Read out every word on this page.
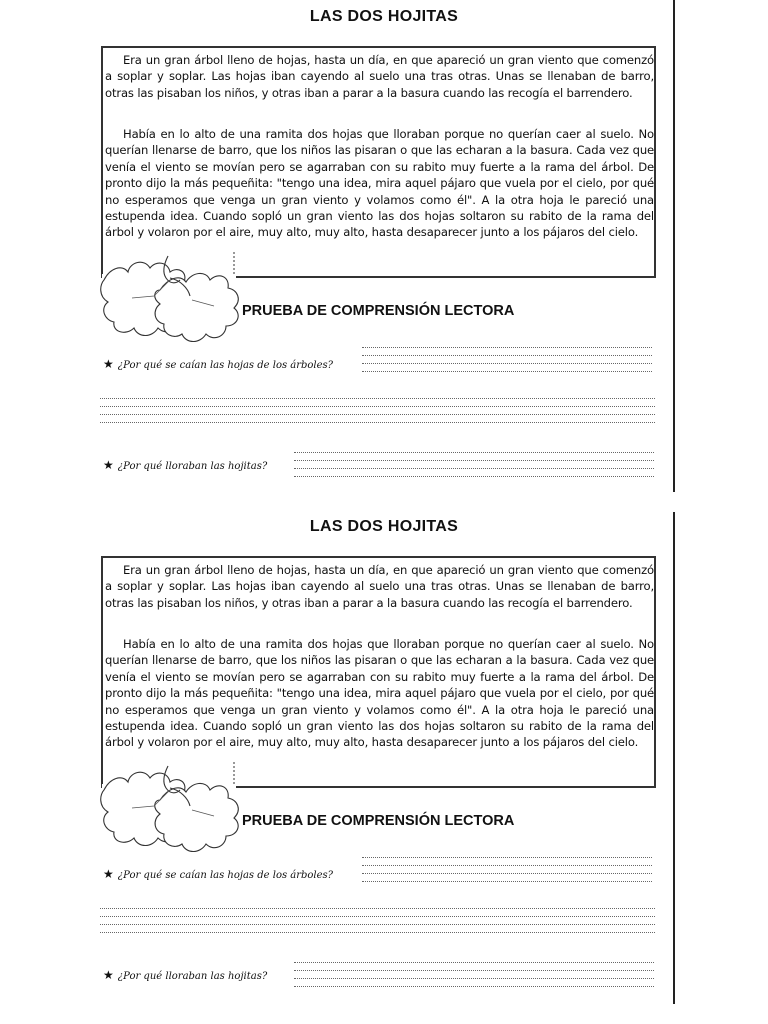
LAS DOS HOJITAS

Era un gran árbol lleno de hojas, hasta un día, en que apareció un gran viento que comenzó a soplar y soplar. Las hojas iban cayendo al suelo una tras otras. Unas se llenaban de barro, otras las pisaban los niños, y otras iban a parar a la basura cuando las recogía el barrendero.

Había en lo alto de una ramita dos hojas que lloraban porque no querían caer al suelo. No querían llenarse de barro, que los niños las pisaran o que las echaran a la basura. Cada vez que venía el viento se movían pero se agarraban con su rabito muy fuerte a la rama del árbol. De pronto dijo la más pequeñita: "tengo una idea, mira aquel pájaro que vuela por el cielo, por qué no esperamos que venga un gran viento y volamos como él". A la otra hoja le pareció una estupenda idea. Cuando sopló un gran viento las dos hojas soltaron su rabito de la rama del árbol y volaron por el aire, muy alto, muy alto, hasta desaparecer junto a los pájaros del cielo.

PRUEBA DE COMPRENSIÓN LECTORA
★ ¿Por qué se caían las hojas de los árboles?
★ ¿Por qué lloraban las hojitas?
LAS DOS HOJITAS

Era un gran árbol lleno de hojas, hasta un día, en que apareció un gran viento que comenzó a soplar y soplar. Las hojas iban cayendo al suelo una tras otras. Unas se llenaban de barro, otras las pisaban los niños, y otras iban a parar a la basura cuando las recogía el barrendero.

Había en lo alto de una ramita dos hojas que lloraban porque no querían caer al suelo. No querían llenarse de barro, que los niños las pisaran o que las echaran a la basura. Cada vez que venía el viento se movían pero se agarraban con su rabito muy fuerte a la rama del árbol. De pronto dijo la más pequeñita: "tengo una idea, mira aquel pájaro que vuela por el cielo, por qué no esperamos que venga un gran viento y volamos como él". A la otra hoja le pareció una estupenda idea. Cuando sopló un gran viento las dos hojas soltaron su rabito de la rama del árbol y volaron por el aire, muy alto, muy alto, hasta desaparecer junto a los pájaros del cielo.

PRUEBA DE COMPRENSIÓN LECTORA
★ ¿Por qué se caían las hojas de los árboles?
★ ¿Por qué lloraban las hojitas?
